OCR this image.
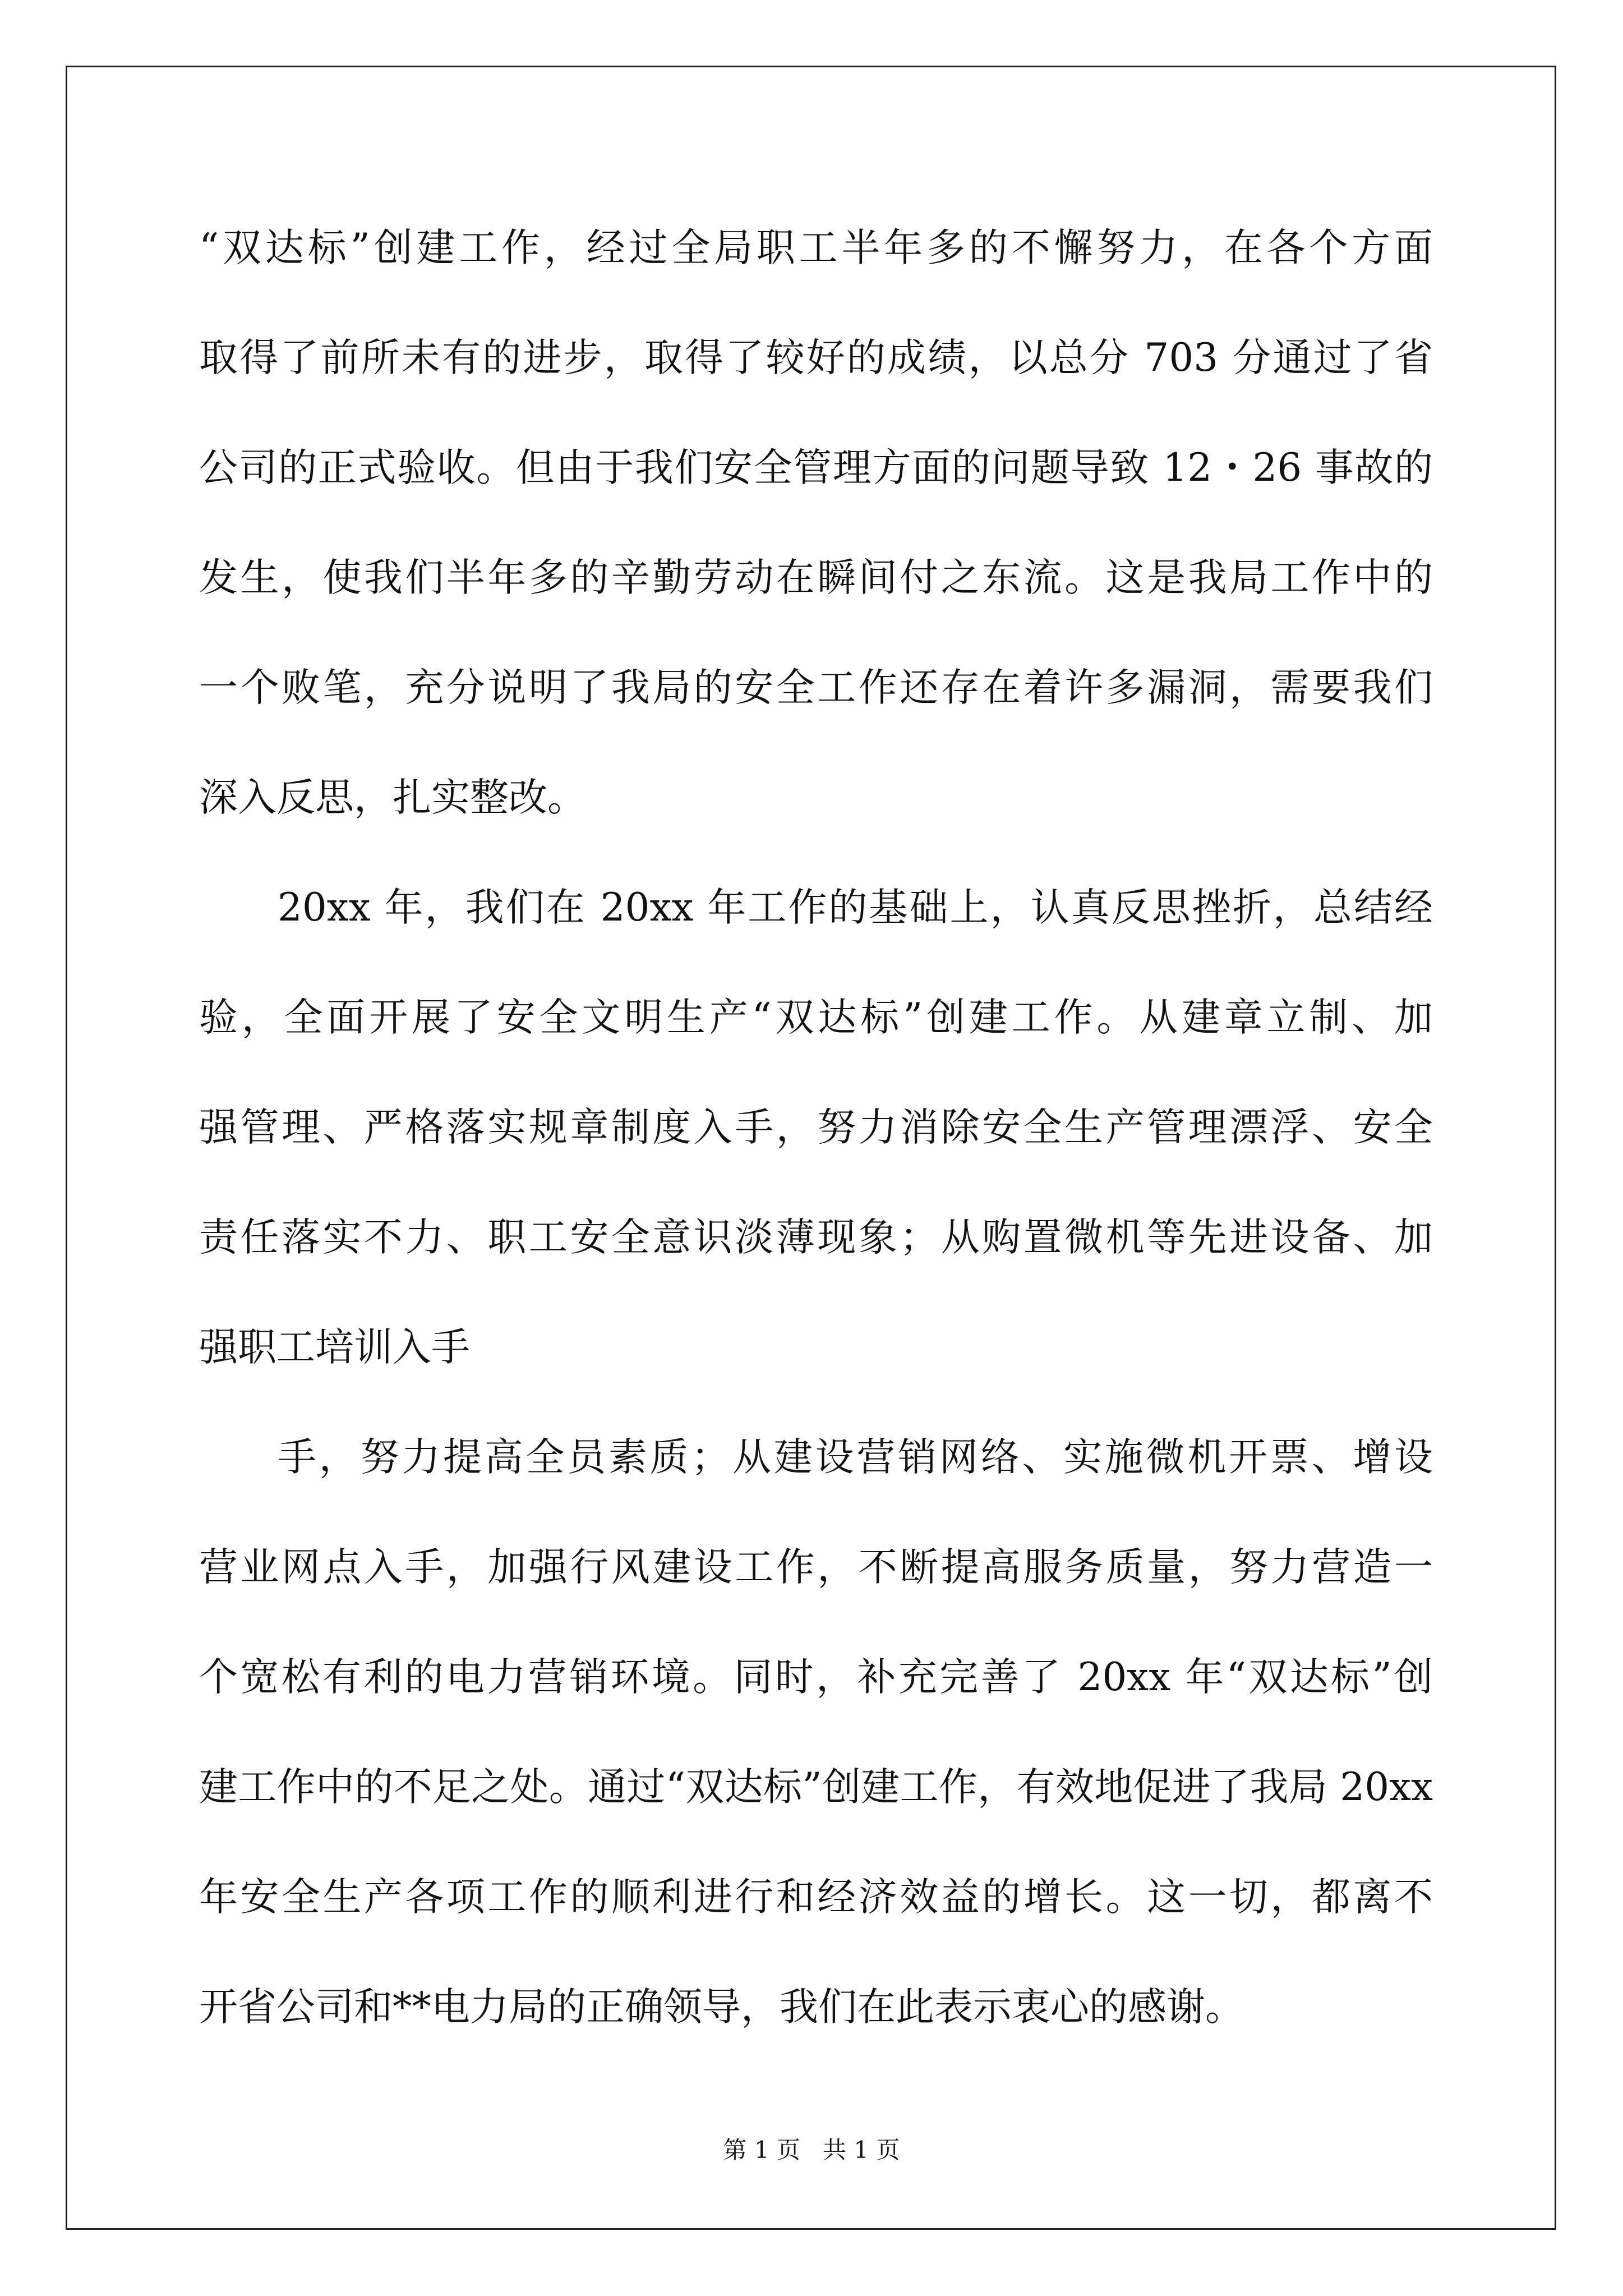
“双达标”创建工作，经过全局职工半年多的不懈努力，在各个方面
取得了前所未有的进步，取得了较好的成绩，以总分 703 分通过了省
公司的正式验收。但由于我们安全管理方面的问题导致 12・26 事故的
发生，使我们半年多的辛勤劳动在瞬间付之东流。这是我局工作中的
一个败笔，充分说明了我局的安全工作还存在着许多漏洞，需要我们
深入反思，扎实整改。
20xx 年，我们在 20xx 年工作的基础上，认真反思挫折，总结经
验，全面开展了安全文明生产“双达标”创建工作。从建章立制、加
强管理、严格落实规章制度入手，努力消除安全生产管理漂浮、安全
责任落实不力、职工安全意识淡薄现象；从购置微机等先进设备、加
强职工培训入手
手，努力提高全员素质；从建设营销网络、实施微机开票、增设
营业网点入手，加强行风建设工作，不断提高服务质量，努力营造一
个宽松有利的电力营销环境。同时，补充完善了 20xx 年“双达标”创
建工作中的不足之处。通过“双达标”创建工作，有效地促进了我局 20xx
年安全生产各项工作的顺利进行和经济效益的增长。这一切，都离不
开省公司和**电力局的正确领导，我们在此表示衷心的感谢。
第 1 页 共 1 页
